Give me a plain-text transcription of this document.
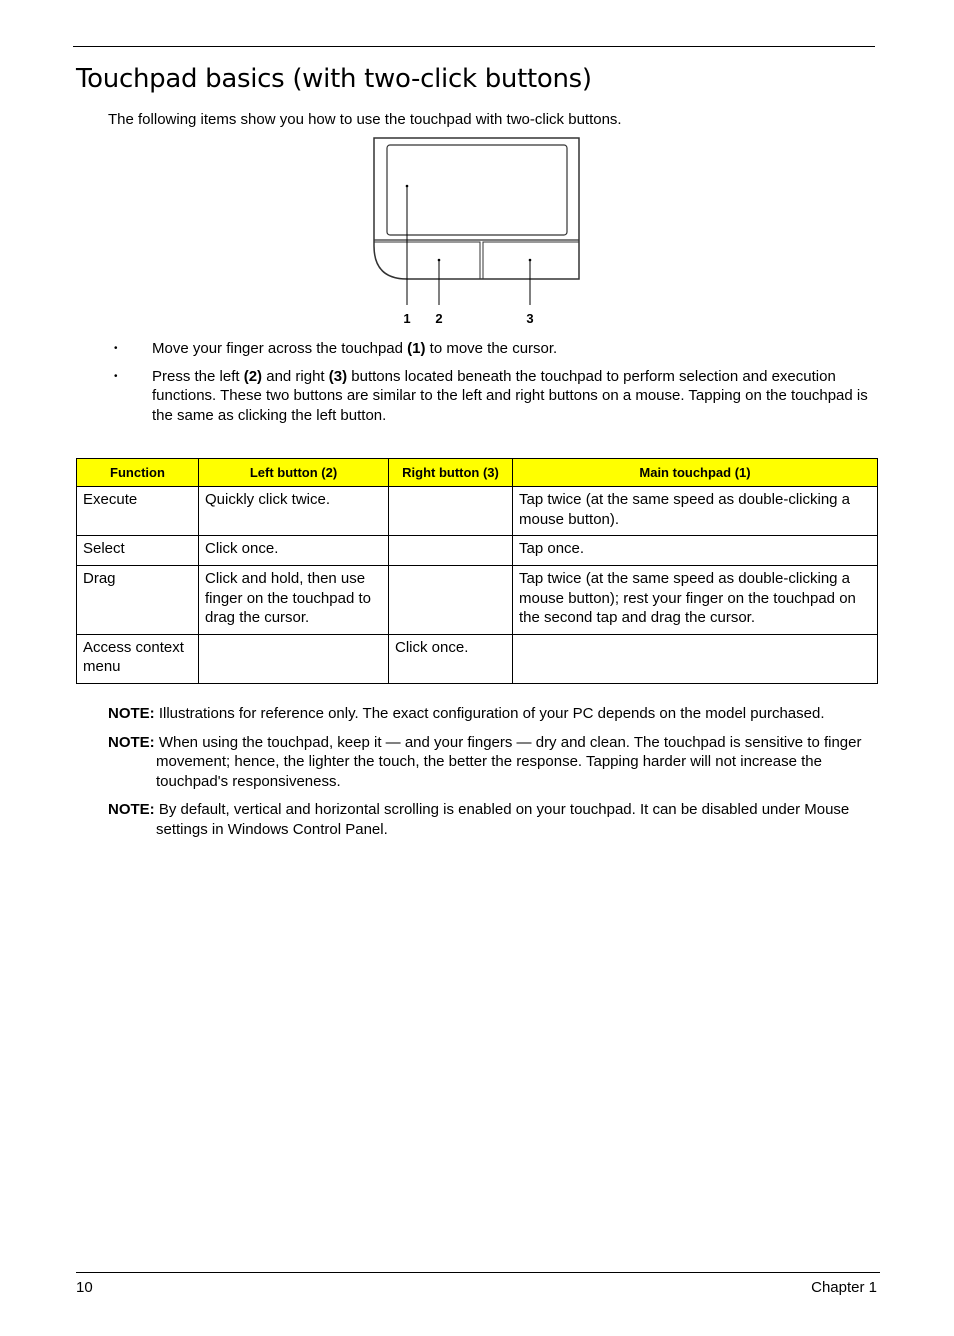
Touchpad basics (with two-click buttons)

The following items show you how to use the touchpad with two-click buttons.

1 2	3
• Move your finger across the touchpad (1) to move the cursor.
• Press the left (2) and right (3) buttons located beneath the touchpad to perform selection and execution functions. These two buttons are similar to the left and right buttons on a mouse. Tapping on the touchpad is the same as clicking the left button.
Function	Left button (2)	Right button (3)	Main touchpad (1)
Execute	Quickly click twice.		Tap twice (at the same speed as double-clicking a mouse button).
Select	Click once.		Tap once.
Drag	Click and hold, then use finger on the touchpad to drag the cursor.		Tap twice (at the same speed as double-clicking a mouse button); rest your finger on the touchpad on the second tap and drag the cursor.
Access context menu		Click once.	

NOTE: Illustrations for reference only. The exact configuration of your PC depends on the model purchased.

NOTE: When using the touchpad, keep it — and your fingers — dry and clean. The touchpad is sensitive to finger movement; hence, the lighter the touch, the better the response. Tapping harder will not increase the touchpad's responsiveness.

NOTE: By default, vertical and horizontal scrolling is enabled on your touchpad. It can be disabled under Mouse settings in Windows Control Panel.

10	Chapter 1
